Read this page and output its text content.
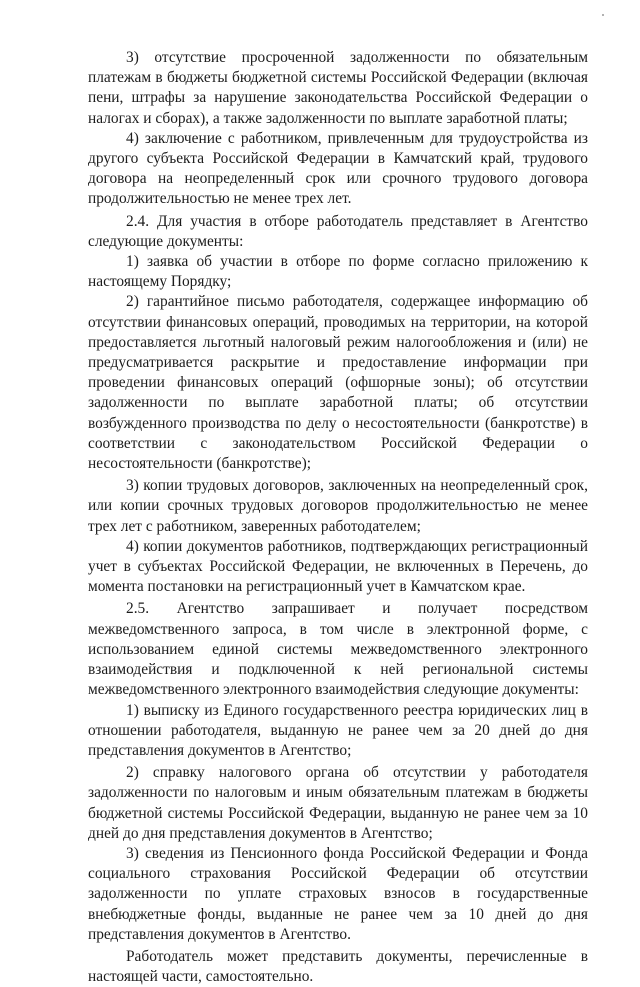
3) отсутствие просроченной задолженности по обязательным платежам в бюджеты бюджетной системы Российской Федерации (включая пени, штрафы за нарушение законодательства Российской Федерации о налогах и сборах), а также задолженности по выплате заработной платы;

4) заключение с работником, привлеченным для трудоустройства из другого субъекта Российской Федерации в Камчатский край, трудового договора на неопределенный срок или срочного трудового договора продолжительностью не менее трех лет.

2.4. Для участия в отборе работодатель представляет в Агентство следующие документы:

1) заявка об участии в отборе по форме согласно приложению к настоящему Порядку;

2) гарантийное письмо работодателя, содержащее информацию об отсутствии финансовых операций, проводимых на территории, на которой предоставляется льготный налоговый режим налогообложения и (или) не предусматривается раскрытие и предоставление информации при проведении финансовых операций (офшорные зоны); об отсутствии задолженности по выплате заработной платы; об отсутствии возбужденного производства по делу о несостоятельности (банкротстве) в соответствии с законодательством Российской Федерации о несостоятельности (банкротстве);

3) копии трудовых договоров, заключенных на неопределенный срок, или копии срочных трудовых договоров продолжительностью не менее трех лет с работником, заверенных работодателем;

4) копии документов работников, подтверждающих регистрационный учет в субъектах Российской Федерации, не включенных в Перечень, до момента постановки на регистрационный учет в Камчатском крае.

2.5. Агентство запрашивает и получает посредством межведомственного запроса, в том числе в электронной форме, с использованием единой системы межведомственного электронного взаимодействия и подключенной к ней региональной системы межведомственного электронного взаимодействия следующие документы:

1) выписку из Единого государственного реестра юридических лиц в отношении работодателя, выданную не ранее чем за 20 дней до дня представления документов в Агентство;

2) справку налогового органа об отсутствии у работодателя задолженности по налоговым и иным обязательным платежам в бюджеты бюджетной системы Российской Федерации, выданную не ранее чем за 10 дней до дня представления документов в Агентство;

3) сведения из Пенсионного фонда Российской Федерации и Фонда социального страхования Российской Федерации об отсутствии задолженности по уплате страховых взносов в государственные внебюджетные фонды, выданные не ранее чем за 10 дней до дня представления документов в Агентство.

Работодатель может представить документы, перечисленные в настоящей части, самостоятельно.
